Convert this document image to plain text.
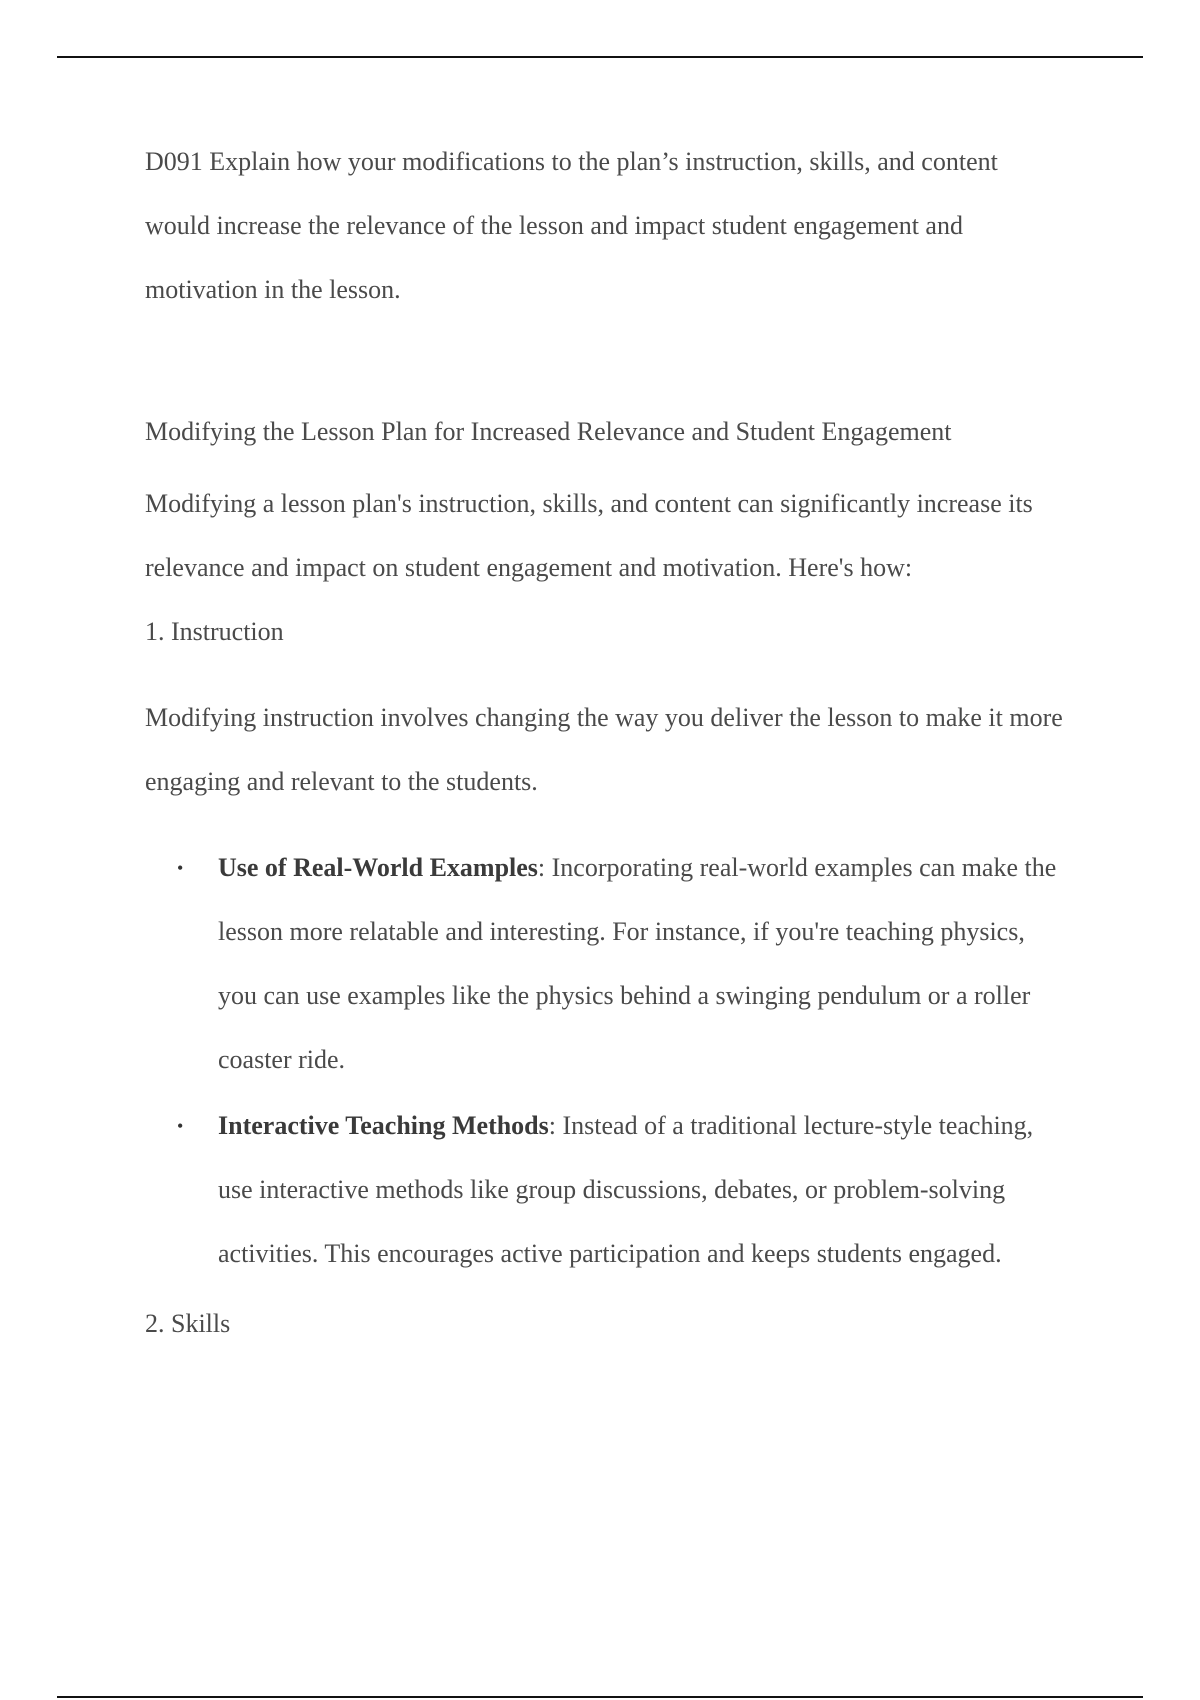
D091 Explain how your modifications to the plan’s instruction, skills, and content would increase the relevance of the lesson and impact student engagement and motivation in the lesson.

Modifying the Lesson Plan for Increased Relevance and Student Engagement

Modifying a lesson plan's instruction, skills, and content can significantly increase its relevance and impact on student engagement and motivation. Here's how:

1. Instruction

Modifying instruction involves changing the way you deliver the lesson to make it more engaging and relevant to the students.

• Use of Real-World Examples: Incorporating real-world examples can make the lesson more relatable and interesting. For instance, if you're teaching physics, you can use examples like the physics behind a swinging pendulum or a roller coaster ride.
• Interactive Teaching Methods: Instead of a traditional lecture-style teaching, use interactive methods like group discussions, debates, or problem-solving activities. This encourages active participation and keeps students engaged.

2. Skills
